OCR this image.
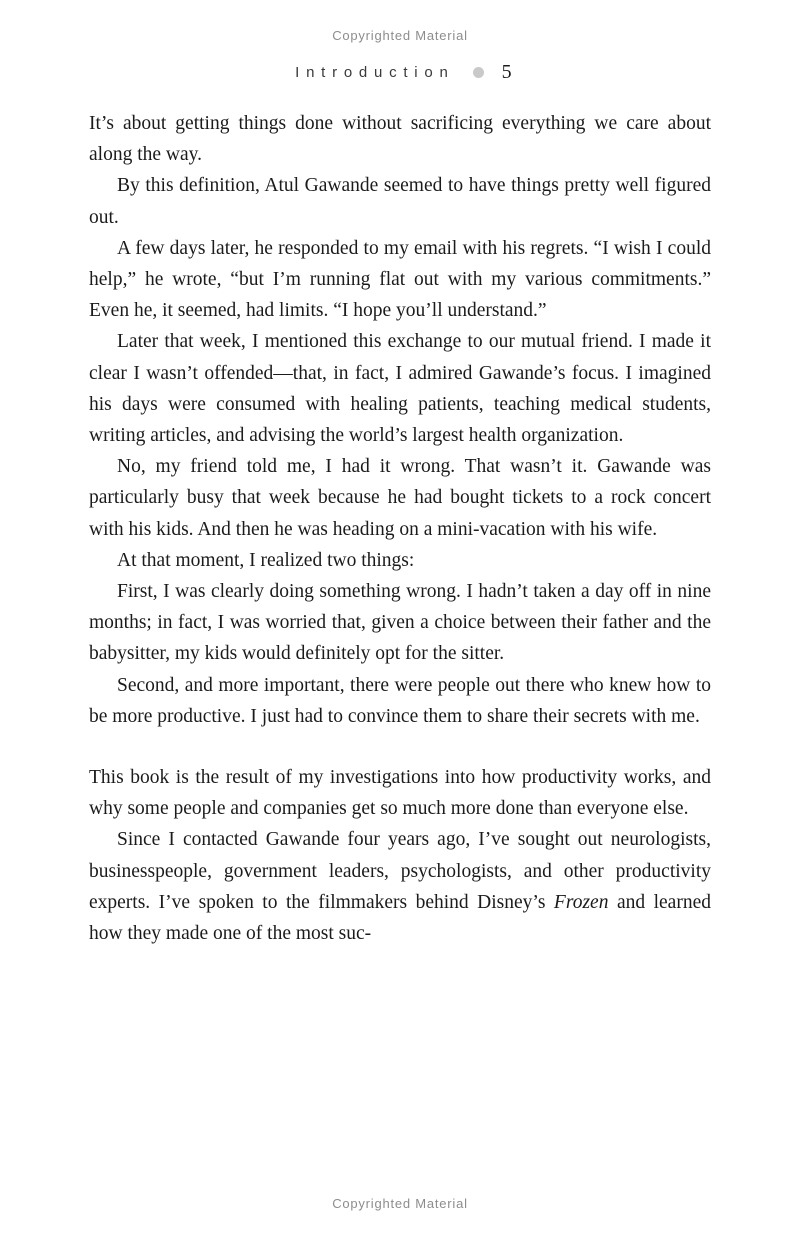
Copyrighted Material
Introduction 5

It’s about getting things done without sacrificing everything we care about along the way.

By this definition, Atul Gawande seemed to have things pretty well figured out.

A few days later, he responded to my email with his regrets. “I wish I could help,” he wrote, “but I’m running flat out with my various commitments.” Even he, it seemed, had limits. “I hope you’ll understand.”

Later that week, I mentioned this exchange to our mutual friend. I made it clear I wasn’t offended—that, in fact, I admired Gawande’s focus. I imagined his days were consumed with healing patients, teaching medical students, writing articles, and advising the world’s largest health organization.

No, my friend told me, I had it wrong. That wasn’t it. Gawande was particularly busy that week because he had bought tickets to a rock concert with his kids. And then he was heading on a mini-vacation with his wife.

At that moment, I realized two things:

First, I was clearly doing something wrong. I hadn’t taken a day off in nine months; in fact, I was worried that, given a choice between their father and the babysitter, my kids would definitely opt for the sitter.

Second, and more important, there were people out there who knew how to be more productive. I just had to convince them to share their secrets with me.

This book is the result of my investigations into how productivity works, and why some people and companies get so much more done than everyone else.

Since I contacted Gawande four years ago, I’ve sought out neurologists, businesspeople, government leaders, psychologists, and other productivity experts. I’ve spoken to the filmmakers behind Disney’s Frozen and learned how they made one of the most suc-

Copyrighted Material
